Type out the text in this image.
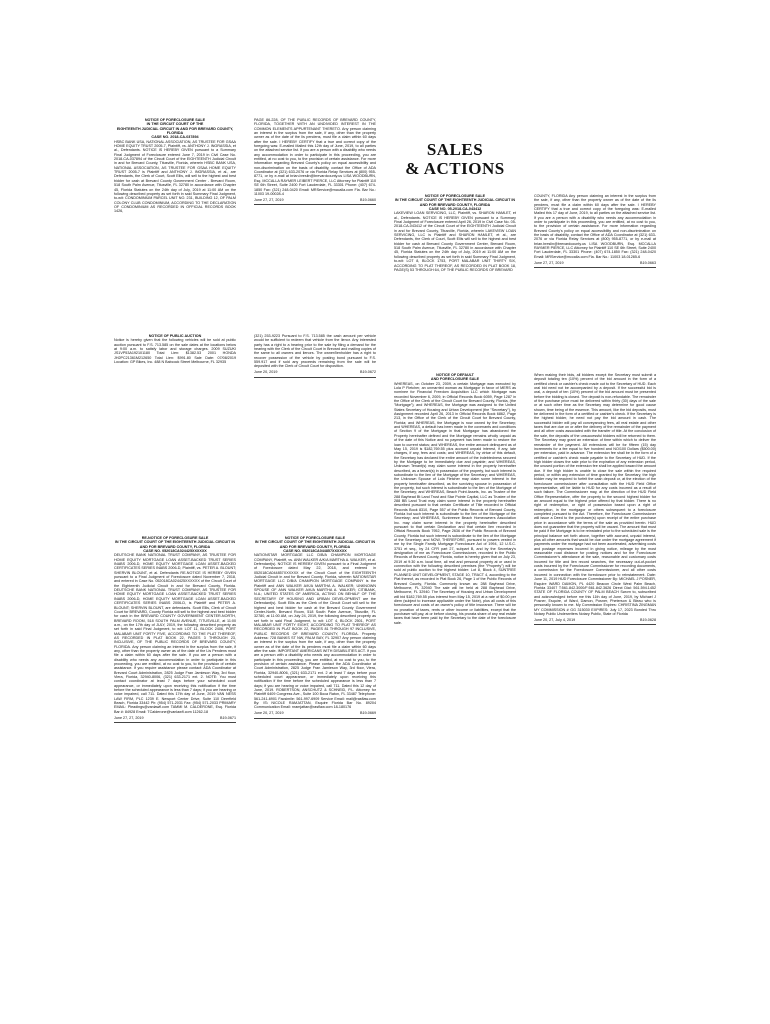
NOTICE OF FORECLOSURE SALE
IN THE CIRCUIT COURT OF THE
EIGHTEENTH JUDICIAL CIRCUIT IN AND FOR BREVARD COUNTY, FLORIDA
CASE NO. 2018-CA-037894
HSBC BANK USA, NATIONAL ASSOCIATION, AS TRUSTEE FOR GSAA HOME EQUITY TRUST 2005-7, Plaintiff, vs. ANTHONY J. INGRASSIA, et al., Defendants. NOTICE IS HEREBY GIVEN pursuant to a Summary Final Judgment of Foreclosure entered June 7, 2019 in Civil Case No. 2018-CA-037894 of the Circuit Court of the EIGHTEENTH Judicial Circuit in and for Brevard County, Titusville, Florida, wherein HSBC BANK USA, NATIONAL ASSOCIATION, AS TRUSTEE FOR GSAA HOME EQUITY TRUST 2005-7 is Plaintiff and ANTHONY J. INGRASSIA, et al., are Defendants, the Clerk of Court, Scott Ellis, will sell to the highest and best bidder for cash at Brevard County Government Center - Brevard Room, 518 South Palm Avenue, Titusville, FL 32780 in accordance with Chapter 45, Florida Statutes on the 24th day of July, 2019 at 11:00 AM on the following described property as set forth in said Summary Final Judgment, to-wit: CONDOMINIUM PARCEL UNIT NO. 231, BUILDING 12, OF PALM COLONY CLUB CONDOMINIUM, ACCORDING TO THE DECLARATION OF CONDOMINIUM AS RECORDED IN OFFICIAL RECORDS BOOK 1426,
NOTICE OF PUBLIC AUCTION
Notice is hereby given that the following vehicles will be sold at public auction pursuant to F.S. 713.585 on the sale dates at the locations below at 9:00 a.m. to satisfy labor and storage charges. 2009 SUZUKI JS1VP53A192101180 Total Lien: $1382.53 2001 HONDA JH2PC21361M212650 Total Lien: $991.80 Sale Date: 07/08/2019 Location: GP Bikes, Inc. 488 N Babcock Street Melbourne, FL 32935
RE-NOTICE OF FORECLOSURE SALE
IN THE CIRCUIT COURT OF THE EIGHTEENTH JUDICIAL CIRCUIT IN AND FOR BREVARD COUNTY, FLORIDA
CASE NO. 052018CA024425XXXXXX
DEUTSCHE BANK NATIONAL TRUST COMPANY, AS TRUSTEE FOR HOME EQUITY MORTGAGE LOAN ASSET-BACKED TRUST SERIES INABS 2006-D, HOME EQUITY MORTGAGE LOAN ASSET-BACKED CERTIFICATES SERIES INABS 2006-D, Plaintiff, vs. PETER A. BLOUNT; SHERVIN BLOUNT, et al. Defendants RE-NOTICE IS HEREBY GIVEN pursuant to a Final Judgment of Foreclosure dated November 7, 2018, and entered in Case No. 052018CA024425XXXXXX of the Circuit Court of the Eighteenth Judicial Circuit in and for Brevard County, Florida. DEUTSCHE BANK NATIONAL TRUST COMPANY, AS TRUSTEE FOR HOME EQUITY MORTGAGE LOAN ASSET-BACKED TRUST SERIES INABS 2006-D, HOME EQUITY MORTGAGE LOAN ASSET-BACKED CERTIFICATES SERIES INABS 2006-D, is Plaintiff and PETER A. BLOUNT; SHERVIN BLOUNT, are defendants. Scott Ellis, Clerk of Circuit Court for BREVARD, County Florida will sell to the highest and best bidder for cash in the BREVARD COUNTY GOVERNMENT CENTER-NORTH, BREVARD ROOM, 518 SOUTH PALM AVENUE, TITUSVILLE, at 11:00 a.m., on the 17th day of JULY, 2019, the following described property as set forth in said Final Judgment, to wit: LOT 11, BLOCK 2406, PORT MALABAR UNIT FORTY FIVE, ACCORDING TO THE PLAT THEREOF, AS RECORDED IN PLAT BOOK 22, PAGES 3 THROUGH 23, INCLUSIVE, OF THE PUBLIC RECORDS OF BREVARD COUNTY, FLORIDA. Any person claiming an interest in the surplus from the sale, if any, other than the property owner as of the date of the Lis Pendens must file a claim within 60 days after the sale. If you are a person with a disability who needs any accommodation in order to participate in this proceeding, you are entitled, at no cost to you, to the provision of certain assistance. If you require assistance please contact: ADA Coordinator at Brevard Court Administration, 2825 Judge Fran Jamieson Way, 3rd floor, Viera, Florida, 32940-8006, (321) 633-2171 ext. 2. NOTE: You must contact coordinator at least 7 days before your scheduled court appearance, or immediately upon receiving this notification if the time before the scheduled appearance is less than 7 days; if you are hearing or voice impaired, call 711. Dated this 17th day of June, 2019 VAN NESS LAW FIRM, PLC 1239 E. Newport Center Drive, Suite 110 Deerfield Beach, Florida 33442 Ph: (954) 571-2031 Fax: (954) 571-2033 PRIMARY EMAIL: Pleadings@vanlawfl.com TAMMI M. CALDERONE, Esq. Florida Bar #: 84928 Email: TCalderone@vanlawfl.com 11262-18
June 27, 27, 2019	B19-0671
PAGE 86-228, OF THE PUBLIC RECORDS OF BREVARD COUNTY, FLORIDA, TOGETHER WITH AN UNDIVIDED INTEREST IN THE COMMON ELEMENTS APPURTENANT THERETO. Any person claiming an interest in the surplus from the sale, if any, other than the property owner as of the date of the lis pendens, must file a claim within 60 days after the sale. I HEREBY CERTIFY that a true and correct copy of the foregoing was: E-mailed Mailed this 12th day of June, 2019, to all parties on the attached service list. If you are a person with a disability who needs any accommodation in order to participate in this proceeding, you are entitled, at no cost to you, to the provision of certain assistance. For more information regarding Brevard County's policy on equal accessibility and non-discrimination on the basis of disability, contact the Office of ADA Coordinator at (321) 633-2076 or via Florida Relay Services at (800) 955-8771, or by e-mail at brian.breslin@brevardcounty.us LISA WOODBURN, Esq. MCCALLA RAYMER LEIBERT PIERCE, LLC Attorney for Plaintiff 110 SE 6th Street, Suite 2400 Fort Lauderdale, FL 33301 Phone: (407) 674-1850 Fax: (321) 248-0420 Email: MRService@mccalla.com Fla. Bar No.: 11003 19-00028-4
June 27, 27, 2019	B19-0660
(321) 253-9223 Pursuant to F.S. 713.585 the cash amount per vehicle would be sufficient to redeem that vehicle from the lienor. Any interested party has a right to a hearing prior to the sale by filing a demand for the hearing with the Clerk of the Circuit Court in Brevard and mailing copies of the same to all owners and lienors. The owner/lienholder has a right to recover possession of the vehicle by posting bond pursuant to F.S. 559.917 and if sold any proceeds remaining from the sale will be deposited with the Clerk of Circuit Court for disposition.
June 20, 2019	B19-0672
NOTICE OF FORECLOSURE SALE
IN THE CIRCUIT COURT OF THE EIGHTEENTH JUDICIAL CIRCUIT IN AND FOR BREVARD COUNTY, FLORIDA
CASE NO. 052018CA044857XXXXXX
NATIONSTAR MORTGAGE LLC D/B/A CHAMPION MORTGAGE COMPANY, Plaintiff, vs. ANN WALKER A/K/A MARTHA A. WALKER, et al. Defendant(s). NOTICE IS HEREBY GIVEN pursuant to a Final Judgment of Foreclosure dated May 22, 2018, and entered in 052018CA044857XXXXXX of the Circuit Court of the EIGHTEENTH Judicial Circuit in and for Brevard County, Florida, wherein NATIONSTAR MORTGAGE LLC D/B/A CHAMPION MORTGAGE COMPANY is the Plaintiff and ANN WALKER A/K/A MARTHA A. WALKER; UNKNOWN SPOUSE OF ANN WALKER A/K/A MARTHA A. WALKER; CITIBANK, N.A.; UNITED STATES OF AMERICA, ACTING ON BEHALF OF THE SECRETARY OF HOUSING AND URBAN DEVELOPMENT are the Defendant(s). Scott Ellis as the Clerk of the Circuit Court will sell to the highest and best bidder for cash at the Brevard County Government Center-North, Brevard Room, 518 South Palm Avenue, Titusville, FL 32780, at 11:00 AM, on July 24, 2019, the following described property as set forth in said Final Judgment, to wit: LOT 4, BLOCK 2501, PORT MALABAR UNIT FORTY EIGHT, ACCORDING TO PLAT THEREOF AS RECORDED IN PLAT BOOK 22, PAGES 81 THROUGH 97 INCLUSIVE, PUBLIC RECORDS OF BREVARD COUNTY, FLORIDA. Property Address: 728 BANKS ST NW, PALM BAY, FL 32907 Any person claiming an interest in the surplus from the sale, if any, other than the property owner as of the date of the lis pendens must file a claim within 60 days after the sale. IMPORTANT AMERICANS WITH DISABILITIES ACT. If you are a person with a disability who needs any accommodation in order to participate in this proceeding, you are entitled, at no cost to you, to the provision of certain assistance. Please contact the ADA Coordinator at Court Administration, 2825 Judge Fran Jamieson Way, 3rd floor, Viera, Florida, 32940-8006, (321) 633-2171 ext. 2 at least 7 days before your scheduled court appearance, or immediately upon receiving this notification if the time before the scheduled appearance is less than 7 days; if you are hearing or voice impaired, call 711. Dated this 12 day of June, 2019. ROBERTSON, ANSCHUTZ & SCHNEID, P.L. Attorney for Plaintiff 6409 Congress Ave., Suite 100 Boca Raton, FL 33487 Telephone: 561-241-6901 Facsimile: 561-997-6909 Service Email: mail@rasflaw.com By: \S\ NICOLE RAMJATTAN, Esquire Florida Bar No. 89204 Communication Email: nramjattan@rasflaw.com 18-180176
June 20, 27, 2019	B19-0669
SALES
& ACTIONS
NOTICE OF FORECLOSURE SALE
IN THE CIRCUIT COURT OF THE EIGHTEENTH JUDICIAL CIRCUIT IN AND FOR BREVARD COUNTY, FLORIDA
CASE NO. 05-2018-CA-043412
LAKEVIEW LOAN SERVICING, LLC, Plaintiff, vs. SHARON HAMLET, et al., Defendants. NOTICE IS HEREBY GIVEN pursuant to a Summary Final Judgment of Foreclosure entered April 26, 2019 in Civil Case No. 05-2018-CA-043412 of the Circuit Court of the EIGHTEENTH Judicial Circuit in and for Brevard County, Titusville, Florida, wherein LAKEVIEW LOAN SERVICING, LLC is Plaintiff and SHARON HAMLET, et al., are Defendants, the Clerk of Court, Scott Ellis will sell to the highest and best bidder for cash at Brevard County Government Center, Brevard Room, 518 South Palm Avenue, Titusville, FL 32780 in accordance with Chapter 45, Florida Statutes on the 24th day of July, 2019 at 11:00 AM on the following described property as set forth in said Summary Final Judgment, to-wit: LOT 8, BLOCK 1753, PORT MALABAR UNIT THIRTY SIX, ACCORDING TO PLAT THEREOF, AS RECORDED IN PLAT BOOK 18, PAGE(S) 53 THROUGH 64, OF THE PUBLIC RECORDS OF BREVARD
NOTICE OF DEFAULT
AND FORECLOSURE SALE
WHEREAS, on October 23, 2009, a certain Mortgage was executed by Lola P Fletcher, an unmarried woman as Mortgagor in favor of MERS as nominee for Financial Freedom Acquisition LLC which Mortgage was recorded November 6, 2009, in Official Records Book 6059, Page 1287 in the Office of the Clerk of the Circuit Court for Brevard County, Florida, (the "Mortgage"); and WHEREAS, the Mortgage was assigned to the United States Secretary of Housing and Urban Development (the "Secretary"), by Assignment recorded April 26, 2013 in Official Records Book 6862, Page 213, in the Office of the Clerk of the Circuit Court for Brevard County, Florida; and WHEREAS, the Mortgage is now owned by the Secretary; and WHEREAS, a default has been made in the covenants and conditions of Section 9 of the Mortgage in that Mortgagor has abandoned the Property hereinafter defined and the Mortgage remains wholly unpaid as of the date of this Notice and no payment has been made to restore the loan to current status; and WHEREAS, the entire amount delinquent as of May 15, 2019 is $182,769.55 plus accrued unpaid interest, if any, late charges, if any, fees and costs; and WHEREAS, by virtue of this default, the Secretary has declared the entire amount of the indebtedness secured by the Mortgage to be immediately due and payable; and WHEREAS, Unknown Tenant(s) may claim some interest in the property hereinafter described, as a tenant(s) in possession of the property, but such interest is subordinate to the lien of the Mortgage of the Secretary; and WHEREAS, the Unknown Spouse of Lola Fletcher may claim some interest in the property hereinafter described, as the surviving spouse in possession of the property, but such interest is subordinate to the lien of the Mortgage of the Secretary; and WHEREAS, Beach Point Assets, Inc. as Trustee of the 288 Bayhead Bt Land Trust and Star Pointe Capital, LLC as Trustee of the 288 BB Land Trust may claim some interest in the property hereinafter described pursuant to that certain Certificate of Title recorded in Official Records Book 8310, Page 557 of the Public Records of Brevard County, Florida but such interest is subordinate to the lien of the Mortgage of the Secretary; and WHEREAS, Sunbreeze Beach Homeowners Association Inc. may claim some interest in the property hereinafter described pursuant to that certain Declaration and that certain lien recorded in Official Records Book 7952, Page 2636 of the Public Records of Brevard County, Florida but such interest is subordinate to the lien of the Mortgage of the Secretary; and NOW, THEREFORE, pursuant to powers vested in me by the Single Family Mortgage Foreclosure Act of 1994, 12 U.S.C. 3751 et seq., by 24 CFR part 27, subpart B, and by the Secretary's designation of me as Foreclosure Commissioner, recorded in the Public Records of Brevard County, Florida, notice is hereby given that on July 23, 2019 at 9:30 a.m. local time, all real and personal property at or used in connection with the following described premises (the "Property") will be sold at public auction to the highest bidder: Lot 8, Block 4, SUNTREE PLANNED UNIT DEVELOPMENT, STAGE 10, TRACT 4, according to the Plat thereof, as recorded in Plat Book 26, Page 1 of the Public Records of Brevard County, Florida. Commonly known as: 288 Bayhead Drive, Melbourne, FL 32940 The sale will be held at 288 Bayhead Drive, Melbourne, FL 32940. The Secretary of Housing and Urban Development will bid $182,769.55 plus interest from May 15, 2019 at a rate of $0.00 per diem (subject to increase applicable under the Note), plus all costs of this foreclosure and costs of an owner's policy of title insurance. There will be no proration of taxes, rents or other income or liabilities, except that the purchaser will pay, at or before closing, his prorata share of any real estate taxes that have been paid by the Secretary to the date of the foreclosure sale.
COUNTY, FLORIDA Any person claiming an interest in the surplus from the sale, if any, other than the property owner as of the date of the lis pendens, must file a claim within 60 days after the sale. I HEREBY CERTIFY that a true and correct copy of the foregoing was: E-mailed Mailed this 17 day of June, 2019, to all parties on the attached service list. If you are a person with a disability who needs any accommodation in order to participate in this proceeding, you are entitled, at no cost to you, to the provision of certain assistance. For more information regarding Brevard County's policy on equal accessibility and non-discrimination on the basis of disability, contact the Office of ADA Coordinator at (321) 633-2076 or via Florida Relay Services at (800) 955-8771, or by e-mail at brian.breslin@brevardcounty.us LISA WOODBURN, Esq. MCCALLA RAYMER PIERCE, LLC Attorney for Plaintiff 110 SE 6th Street, Suite 2400 Fort Lauderdale, FL 33301 Phone: (407) 674-1850 Fax: (321) 248-0420 Email: MRService@mccalla.com Fla. Bar No.: 11003 18-01285-6
June 27, 27, 2019	B19-0663
When making their bids, all bidders except the Secretary must submit a deposit totaling ten (10%) percent of the bid amount in the form of a certified check or cashier's check made out to the Secretary of HUD. Each oral bid need not be accompanied by a deposit. If the successful bid is oral, a deposit of ten (10%) percent of the bid amount must be presented before the bidding is closed. The deposit is non-refundable. The remainder of the purchase price must be delivered within thirty (30) days of the sale or at such other time as the Secretary may determine for good cause shown, time being of the essence. This amount, like the bid deposits, must be delivered in the form of a certified or cashier's check. If the Secretary is the highest bidder, he need not pay the bid amount in cash. The successful bidder will pay all conveyancing fees, all real estate and other taxes that are due on or after the delivery of the remainder of the payment and all other costs associated with the transfer of title. At the conclusion of the sale, the deposits of the unsuccessful bidders will be returned to them. The Secretary may grant an extension of time within which to deliver the remainder of the payment. All extensions will be for fifteen (15) day increments for a fee equal to five hundred and NO/100 Dollars ($500.00) per extension, paid in advance. The extension fee shall be in the form of a certified or cashier's check made payable to the Secretary of HUD. If the high bidder closes the sale prior to the expiration of any extension period, the unused portion of the extension fee shall be applied toward the amount due. If the high bidder is unable to close the sale within the required period, or within any extension of time granted by the Secretary, the high bidder may be required to forfeit the cash deposit or, at the election of the foreclosure commissioner after consultation with the HUD Field Office representative, will be liable to HUD for any costs incurred as a result of such failure. The Commissioner may, at the direction of the HUD Field Office Representative, offer the property to the second highest bidder for an amount equal to the highest price offered by that bidder. There is no right of redemption, or right of possession based upon a right of redemption, in the mortgagor or others subsequent to a foreclosure completed pursuant to the Act. Therefore, the Foreclosure Commissioner will issue a Deed to the purchaser(s) upon receipt of the entire purchase price in accordance with the terms of the sale as provided herein. HUD does not guarantee that the property will be vacant. The amount that must be paid if the Mortgage is to be reinstated prior to the scheduled sale is the principal balance set forth above, together with accrued, unpaid interest, plus all other amounts that would be due under the mortgage agreement if payments under the mortgage had not been accelerated, advertising costs and postage expenses incurred in giving notice, mileage by the most reasonable road distance for posting notices and for the Foreclosure Commissioner's attendance at the sale, reasonable and customary costs incurred for title and lien record searches, the necessary out-of-pocket costs incurred by the Foreclosure Commissioner for recording documents, a commission for the Foreclosure Commissioner, and all other costs incurred in connection with the foreclosure prior to reinstatement. Date: June 11, 2019 HUD Foreclosure Commissioner By: MICHAEL J POSNER, Esquire WARD DAMON, PL 4420 Beacon Circle West Palm Beach, Florida 33407 T:561.842.3000/F:561.842.3626 Direct Dial: 561.594.1452 STATE OF FLORIDA COUNTY OF PALM BEACH Sworn to, subscribed and acknowledged before me this 11th day of June, 2019, by Michael J Posner, Esquire, of Ward, Damon, Posner, Pheterson & Bleau who is personally known to me. My Commission Expires: CHRISTINA ZINGMAN MY COMMISSION # GG 315030 EXPIRES: July 17, 2023 Bonded Thru Notary Public Underwriters Notary Public, State of Florida
June 20, 27, July 4, 2019	B19-0628
